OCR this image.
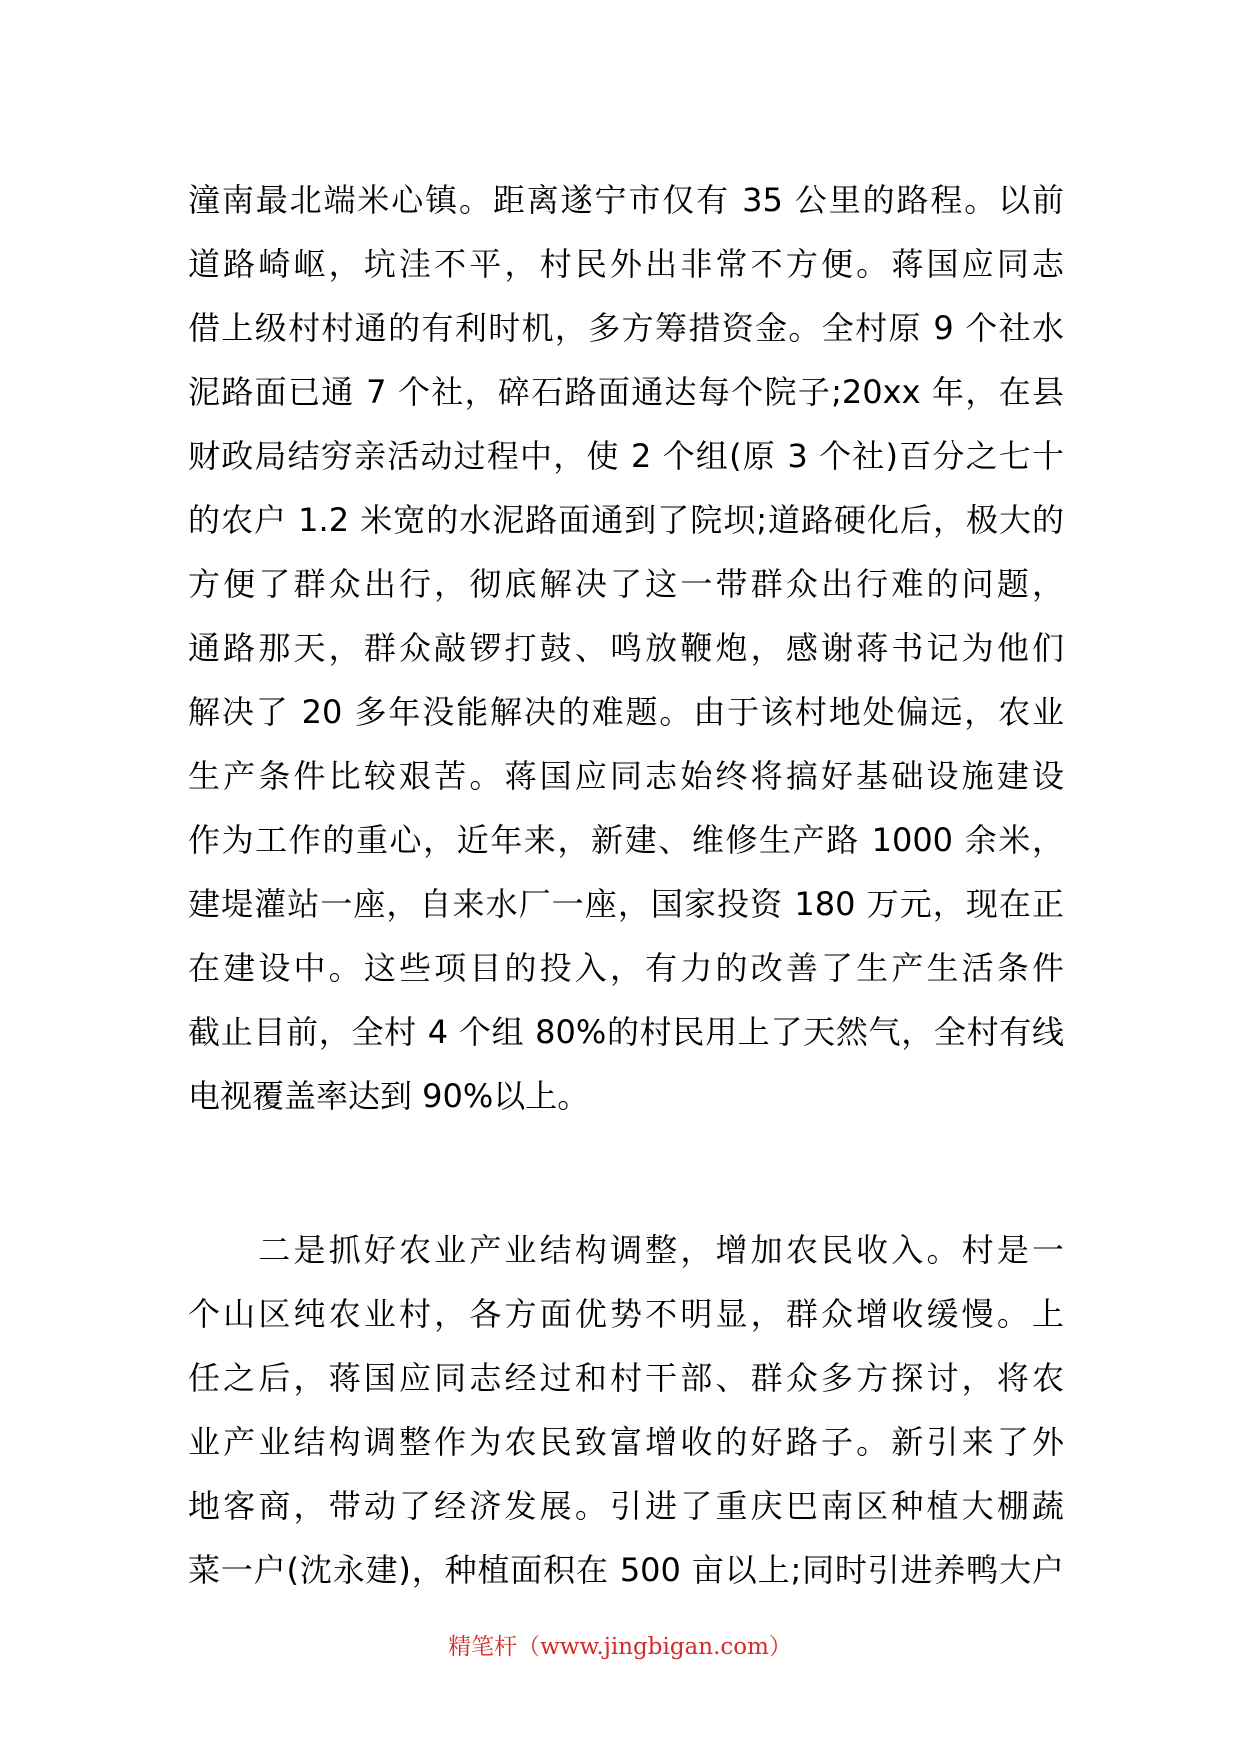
潼南最北端米心镇。距离遂宁市仅有 35 公里的路程。以前
道路崎岖，坑洼不平，村民外出非常不方便。蒋国应同志
借上级村村通的有利时机，多方筹措资金。全村原 9 个社水
泥路面已通 7 个社，碎石路面通达每个院子;20xx 年，在县
财政局结穷亲活动过程中，使 2 个组(原 3 个社)百分之七十
的农户 1.2 米宽的水泥路面通到了院坝;道路硬化后，极大的
方便了群众出行，彻底解决了这一带群众出行难的问题，
通路那天，群众敲锣打鼓、鸣放鞭炮，感谢蒋书记为他们
解决了 20 多年没能解决的难题。由于该村地处偏远，农业
生产条件比较艰苦。蒋国应同志始终将搞好基础设施建设
作为工作的重心，近年来，新建、维修生产路 1000 余米，
建堤灌站一座，自来水厂一座，国家投资 180 万元，现在正
在建设中。这些项目的投入，有力的改善了生产生活条件
截止目前，全村 4 个组 80%的村民用上了天然气，全村有线
电视覆盖率达到 90%以上。
　　二是抓好农业产业结构调整，增加农民收入。村是一
个山区纯农业村，各方面优势不明显，群众增收缓慢。上
任之后，蒋国应同志经过和村干部、群众多方探讨，将农
业产业结构调整作为农民致富增收的好路子。新引来了外
地客商，带动了经济发展。引进了重庆巴南区种植大棚蔬
菜一户(沈永建)，种植面积在 500 亩以上;同时引进养鸭大户
精笔杆（www.jingbigan.com）
